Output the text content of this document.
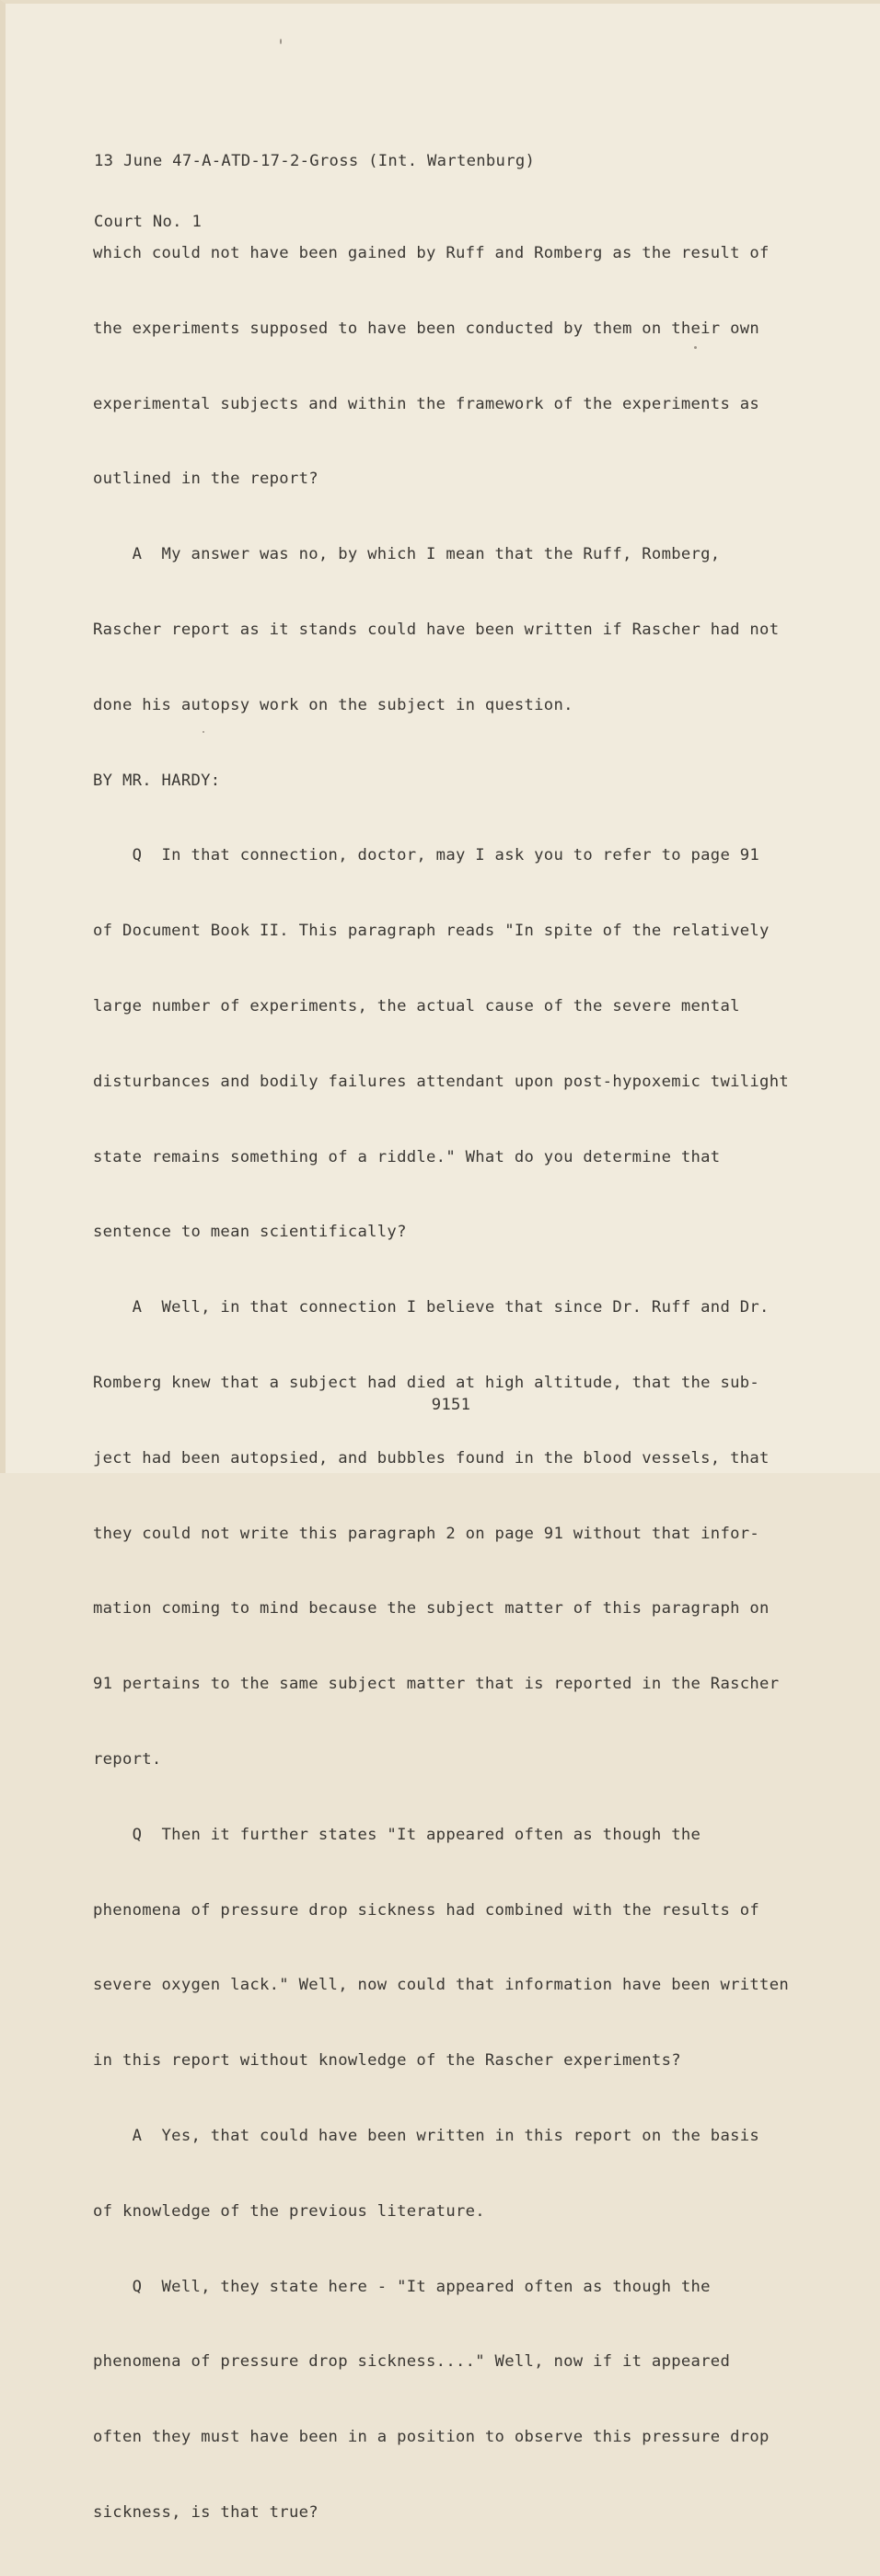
13 June 47-A-ATD-17-2-Gross (Int. Wartenburg)

Court No. 1

which could not have been gained by Ruff and Romberg as the result of

the experiments supposed to have been conducted by them on their own

experimental subjects and within the framework of the experiments as

outlined in the report?

A  My answer was no, by which I mean that the Ruff, Romberg,

Rascher report as it stands could have been written if Rascher had not

done his autopsy work on the subject in question.

BY MR. HARDY:

Q  In that connection, doctor, may I ask you to refer to page 91

of Document Book II. This paragraph reads "In spite of the relatively

large number of experiments, the actual cause of the severe mental

disturbances and bodily failures attendant upon post-hypoxemic twilight

state remains something of a riddle." What do you determine that

sentence to mean scientifically?

A  Well, in that connection I believe that since Dr. Ruff and Dr.

Romberg knew that a subject had died at high altitude, that the sub-

ject had been autopsied, and bubbles found in the blood vessels, that

they could not write this paragraph 2 on page 91 without that infor-

mation coming to mind because the subject matter of this paragraph on

91 pertains to the same subject matter that is reported in the Rascher

report.

Q  Then it further states "It appeared often as though the

phenomena of pressure drop sickness had combined with the results of

severe oxygen lack." Well, now could that information have been written

in this report without knowledge of the Rascher experiments?

A  Yes, that could have been written in this report on the basis

of knowledge of the previous literature.

Q  Well, they state here - "It appeared often as though the

phenomena of pressure drop sickness...." Well, now if it appeared

often they must have been in a position to observe this pressure drop

sickness, is that true?

9151
